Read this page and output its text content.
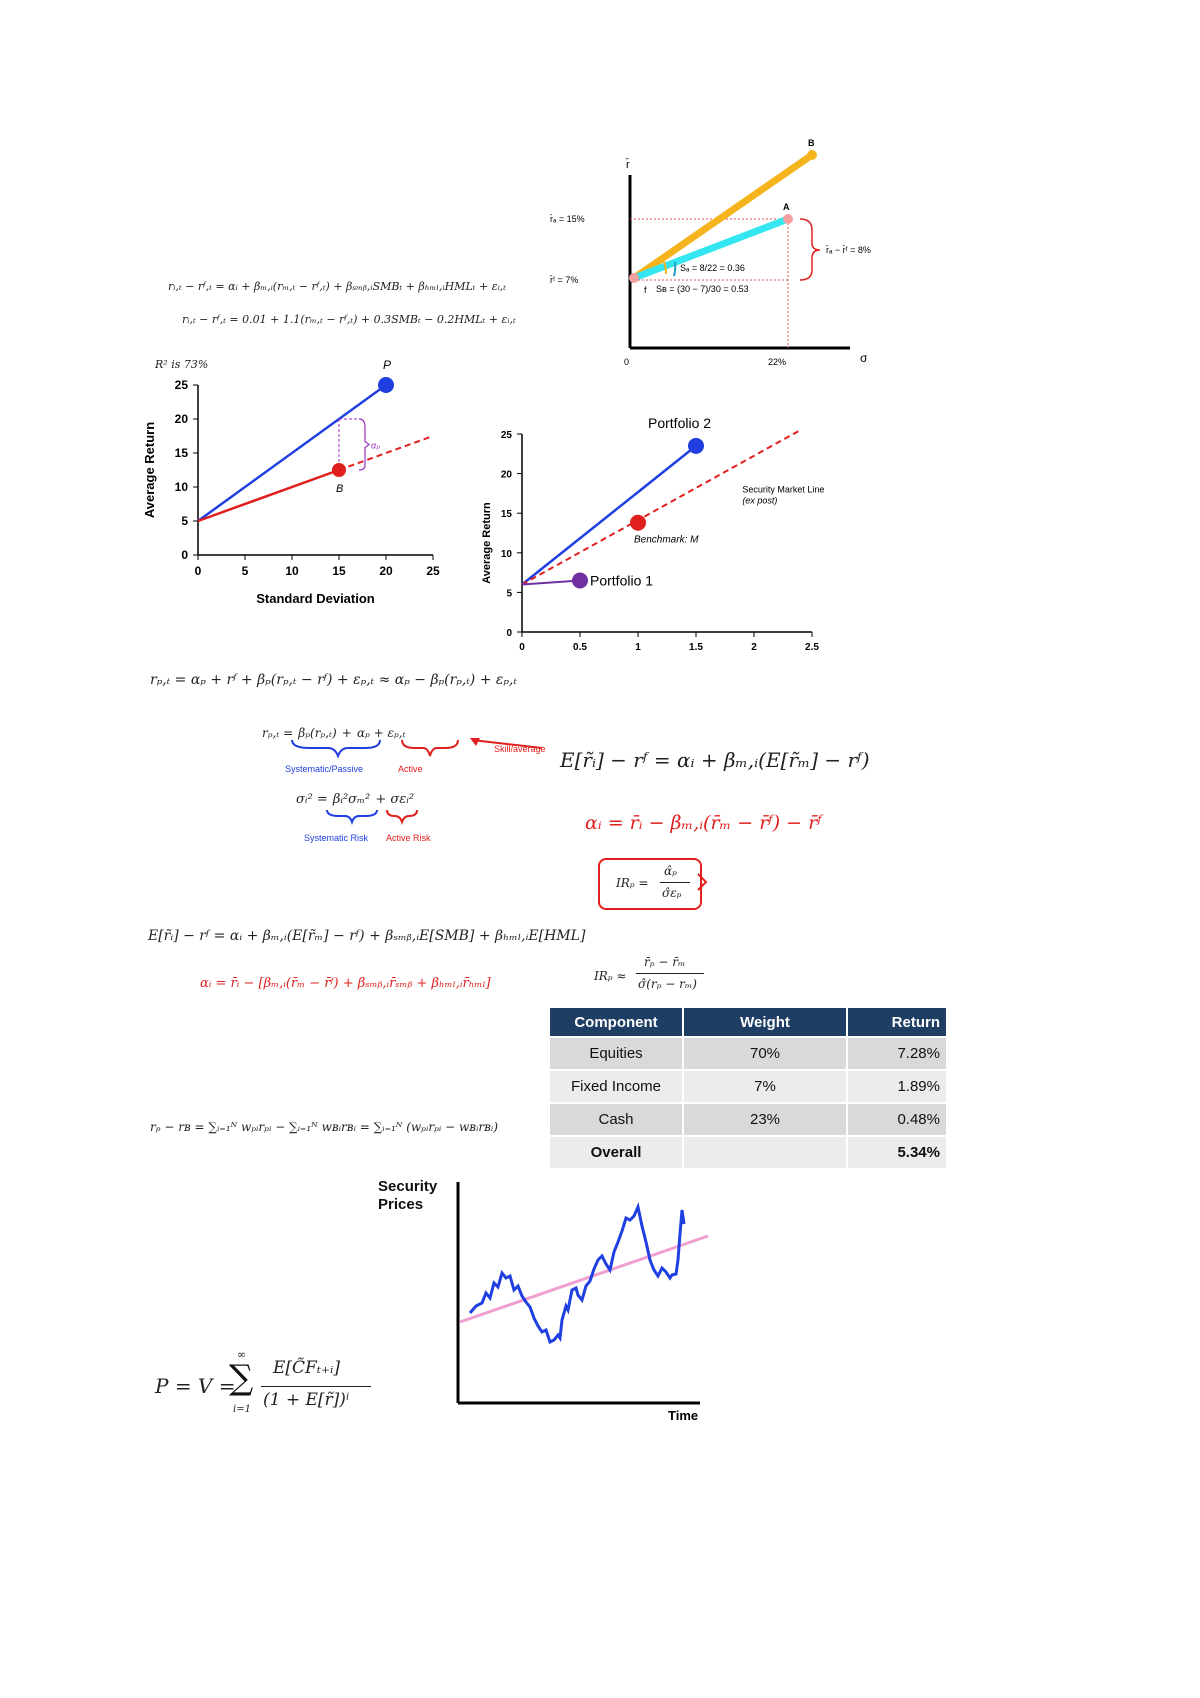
r̄
σ
0	22%
B
A
f
r̄ₐ = 15%
r̄ᶠ = 7%
Sₐ = 8/22 = 0.36
Sʙ = (30 − 7)/30 = 0.53
r̄ₐ − r̄ᶠ = 8%
rᵢ,ₜ − rᶠ,ₜ = αᵢ + βₘ,ᵢ(rₘ,ₜ − rᶠ,ₜ) + βₛₘᵦ,ᵢSMBₜ + βₕₘₗ,ᵢHMLₜ + εᵢ,ₜ
rᵢ,ₜ − rᶠ,ₜ = 0.01 + 1.1(rₘ,ₜ − rᶠ,ₜ) + 0.3SMBₜ − 0.2HMLₜ + εᵢ,ₜ
R² is 73%
0	5	10	15	20	25
0
5
10
15
20
25
Average Return
Standard Deviation
αₚ
P
B
0	0.5	1	1.5	2	2.5
0
5
10
15
20
25
Average Return
Portfolio 2
Portfolio 1
Security Market Line
(ex post)
Benchmark: M
rₚ,ₜ = αₚ + rᶠ + βₚ(rₚ,ₜ − rᶠ) + εₚ,ₜ ≈ αₚ − βₚ(rₚ,ₜ) + εₚ,ₜ
rₚ,ₜ = βₚ(rₚ,ₜ) + αₚ + εₚ,ₜ
Systematic/Passive	Active
Skill/average
σᵢ² = βᵢ²σₘ² + σεᵢ²
Systematic Risk Active Risk
E[r̃ᵢ] − rᶠ = αᵢ + βₘ,ᵢ(E[r̃ₘ] − rᶠ)
αᵢ = r̄ᵢ − βₘ,ᵢ(r̄ₘ − r̄ᶠ) − r̄ᶠ
IRₚ =
α̂ₚ
σ̂εₚ
E[r̃ᵢ] − rᶠ = αᵢ + βₘ,ᵢ(E[r̃ₘ] − rᶠ) + βₛₘᵦ,ᵢE[SMB] + βₕₘₗ,ᵢE[HML]
αᵢ = r̄ᵢ − [βₘ,ᵢ(r̄ₘ − r̄ᶠ) + βₛₘᵦ,ᵢr̄ₛₘᵦ + βₕₘₗ,ᵢr̄ₕₘₗ]	IRₚ ≈
r̄ₚ − r̄ₘ
σ̂(rₚ − rₘ)
Component	Weight	Return
Equities	70%	7.28%
Fixed Income	7%	1.89%
Cash	23%	0.48%
Overall		5.34%
rₚ − rʙ = ∑ᵢ₌₁ᴺ wₚᵢrₚᵢ − ∑ᵢ₌₁ᴺ wʙᵢrʙᵢ = ∑ᵢ₌₁ᴺ (wₚᵢrₚᵢ − wʙᵢrʙᵢ)
Security
Prices
Time
P = V =
∞
∑
i=1
E[C̃Fₜ₊ᵢ]
(1 + E[r̃])ⁱ
